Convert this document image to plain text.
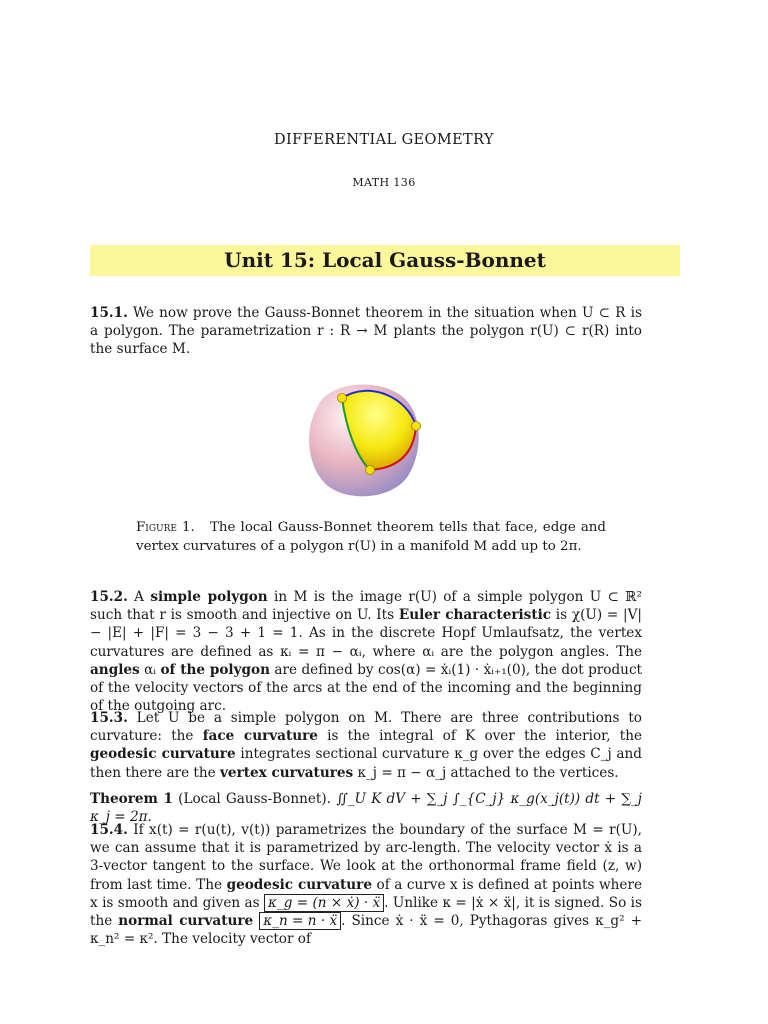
DIFFERENTIAL GEOMETRY
MATH 136
Unit 15: Local Gauss-Bonnet
15.1. We now prove the Gauss-Bonnet theorem in the situation when U ⊂ R is a polygon. The parametrization r : R → M plants the polygon r(U) ⊂ r(R) into the surface M.
Figure 1. The local Gauss-Bonnet theorem tells that face, edge and vertex curvatures of a polygon r(U) in a manifold M add up to 2π.
15.2. A simple polygon in M is the image r(U) of a simple polygon U ⊂ ℝ² such that r is smooth and injective on U. Its Euler characteristic is χ(U) = |V| − |E| + |F| = 3 − 3 + 1 = 1. As in the discrete Hopf Umlaufsatz, the vertex curvatures are defined as κᵢ = π − αᵢ, where αᵢ are the polygon angles. The angles αᵢ of the polygon are defined by cos(α) = ẋᵢ(1) · ẋᵢ₊₁(0), the dot product of the velocity vectors of the arcs at the end of the incoming and the beginning of the outgoing arc.
15.3. Let U be a simple polygon on M. There are three contributions to curvature: the face curvature is the integral of K over the interior, the geodesic curvature integrates sectional curvature κ_g over the edges C_j and then there are the vertex curvatures κ_j = π − α_j attached to the vertices.
Theorem 1 (Local Gauss-Bonnet). ∬_U K dV + ∑_j ∫_{C_j} κ_g(x_j(t)) dt + ∑_j κ_j = 2π.
15.4. If x(t) = r(u(t), v(t)) parametrizes the boundary of the surface M = r(U), we can assume that it is parametrized by arc-length. The velocity vector ẋ is a 3-vector tangent to the surface. We look at the orthonormal frame field (z, w) from last time. The geodesic curvature of a curve x is defined at points where x is smooth and given as κ_g = (n × ẋ) · ẍ . Unlike κ = |ẋ × ẍ|, it is signed. So is the normal curvature κ_n = n · ẍ . Since ẋ · ẍ = 0, Pythagoras gives κ_g² + κ_n² = κ². The velocity vector of
